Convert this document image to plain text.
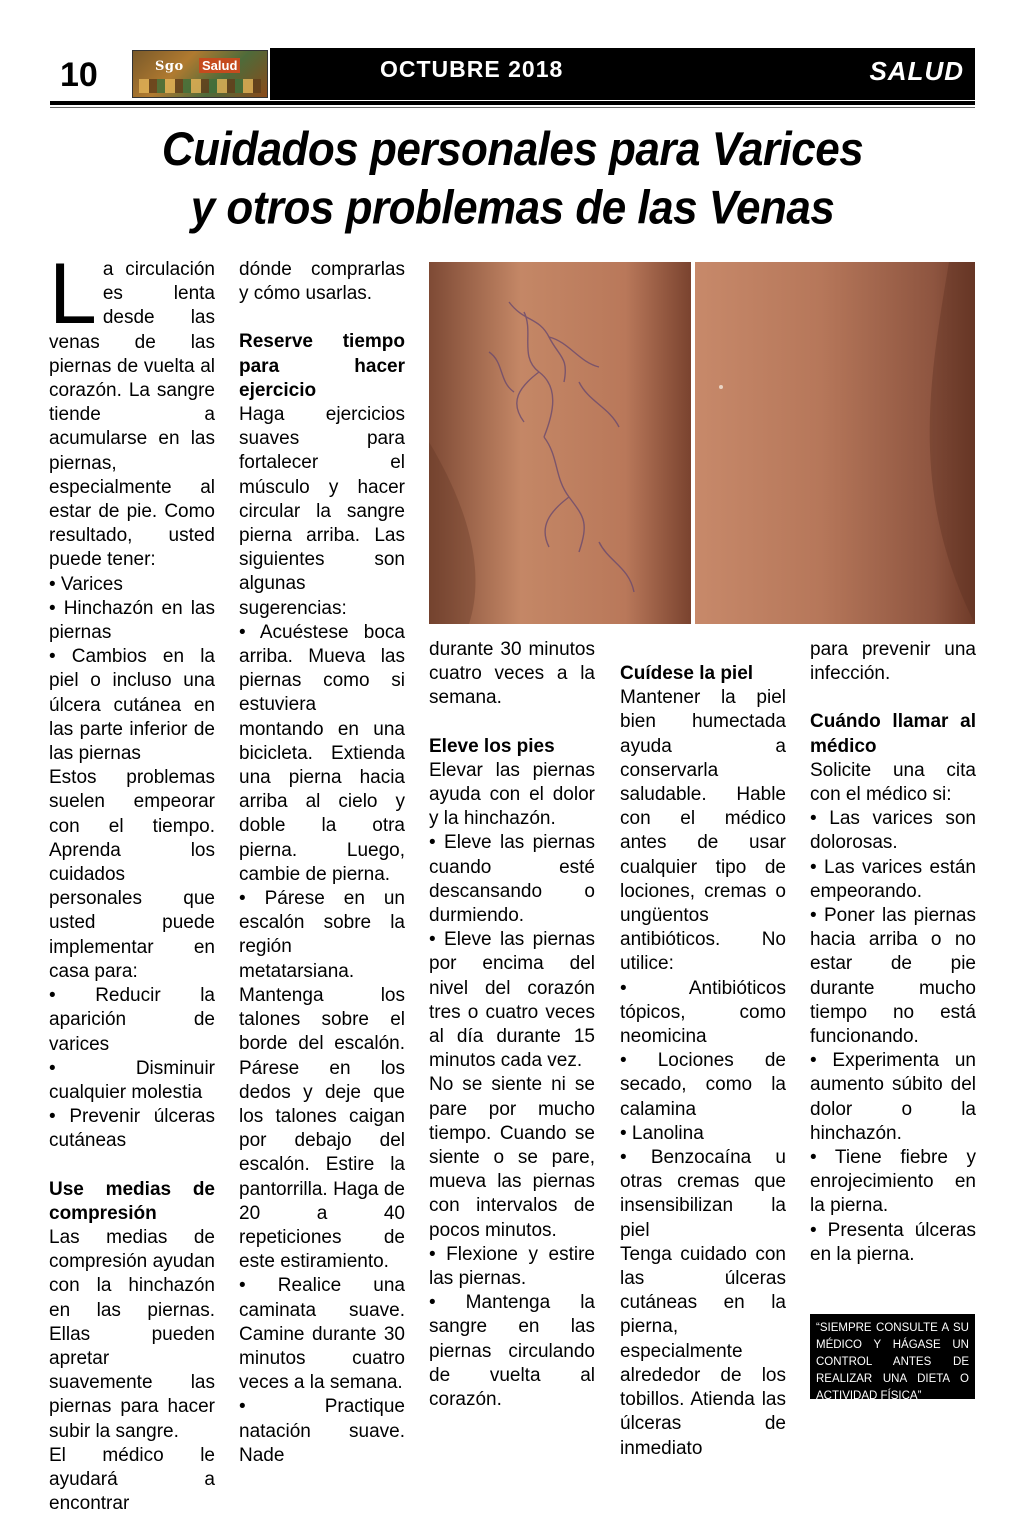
10	Sgo Salud	OCTUBRE 2018	SALUD
Cuidados personales para Varices
y otros problemas de las Venas

La circulación es lenta desde las venas de las piernas de vuelta al corazón. La sangre tiende a acumularse en las piernas, especialmente al estar de pie. Como resultado, usted puede tener:

• Varices

• Hinchazón en las piernas

• Cambios en la piel o incluso una úlcera cutánea en las parte inferior de las piernas

Estos problemas suelen empeorar con el tiempo. Aprenda los cuidados personales que usted puede implementar en casa para:

• Reducir la aparición de varices

• Disminuir cualquier molestia

• Prevenir úlceras cutáneas

Use medias de compresión

Las medias de compresión ayudan con la hinchazón en las piernas. Ellas pueden apretar suavemente las piernas para hacer subir la sangre.

El médico le ayudará a encontrar

dónde comprarlas y cómo usarlas.

Reserve tiempo para hacer ejercicio

Haga ejercicios suaves para fortalecer el músculo y hacer circular la sangre pierna arriba. Las siguientes son algunas sugerencias:

• Acuéstese boca arriba. Mueva las piernas como si estuviera montando en una bicicleta. Extienda una pierna hacia arriba al cielo y doble la otra pierna. Luego, cambie de pierna.

• Párese en un escalón sobre la región metatarsiana. Mantenga los talones sobre el borde del escalón. Párese en los dedos y deje que los talones caigan por debajo del escalón. Estire la pantorrilla. Haga de 20 a 40 repeticiones de este estiramiento.

• Realice una caminata suave. Camine durante 30 minutos cuatro veces a la semana.

• Practique natación suave. Nade

durante 30 minutos cuatro veces a la semana.

Eleve los pies

Elevar las piernas ayuda con el dolor y la hinchazón.

• Eleve las piernas cuando esté descansando o durmiendo.

• Eleve las piernas por encima del nivel del corazón tres o cuatro veces al día durante 15 minutos cada vez.

No se siente ni se pare por mucho tiempo. Cuando se siente o se pare, mueva las piernas con intervalos de pocos minutos.

• Flexione y estire las piernas.

• Mantenga la sangre en las piernas circulando de vuelta al corazón.

Cuídese la piel

Mantener la piel bien humectada ayuda a conservarla saludable. Hable con el médico antes de usar cualquier tipo de lociones, cremas o ungüentos antibióticos. No utilice:

• Antibióticos tópicos, como neomicina

• Lociones de secado, como la calamina

• Lanolina

• Benzocaína u otras cremas que insensibilizan la piel

Tenga cuidado con las úlceras cutáneas en la pierna, especialmente alrededor de los tobillos. Atienda las úlceras de inmediato

para prevenir una infección.

Cuándo llamar al médico

Solicite una cita con el médico si:

• Las varices son dolorosas.

• Las varices están empeorando.

• Poner las piernas hacia arriba o no estar de pie durante mucho tiempo no está funcionando.

• Experimenta un aumento súbito del dolor o la hinchazón.

• Tiene fiebre y enrojecimiento en la pierna.

• Presenta úlceras en la pierna.

“SIEMPRE CONSULTE A SU MÉDICO Y HÁGASE UN CONTROL ANTES DE REALIZAR UNA DIETA O ACTIVIDAD FÍSICA”
